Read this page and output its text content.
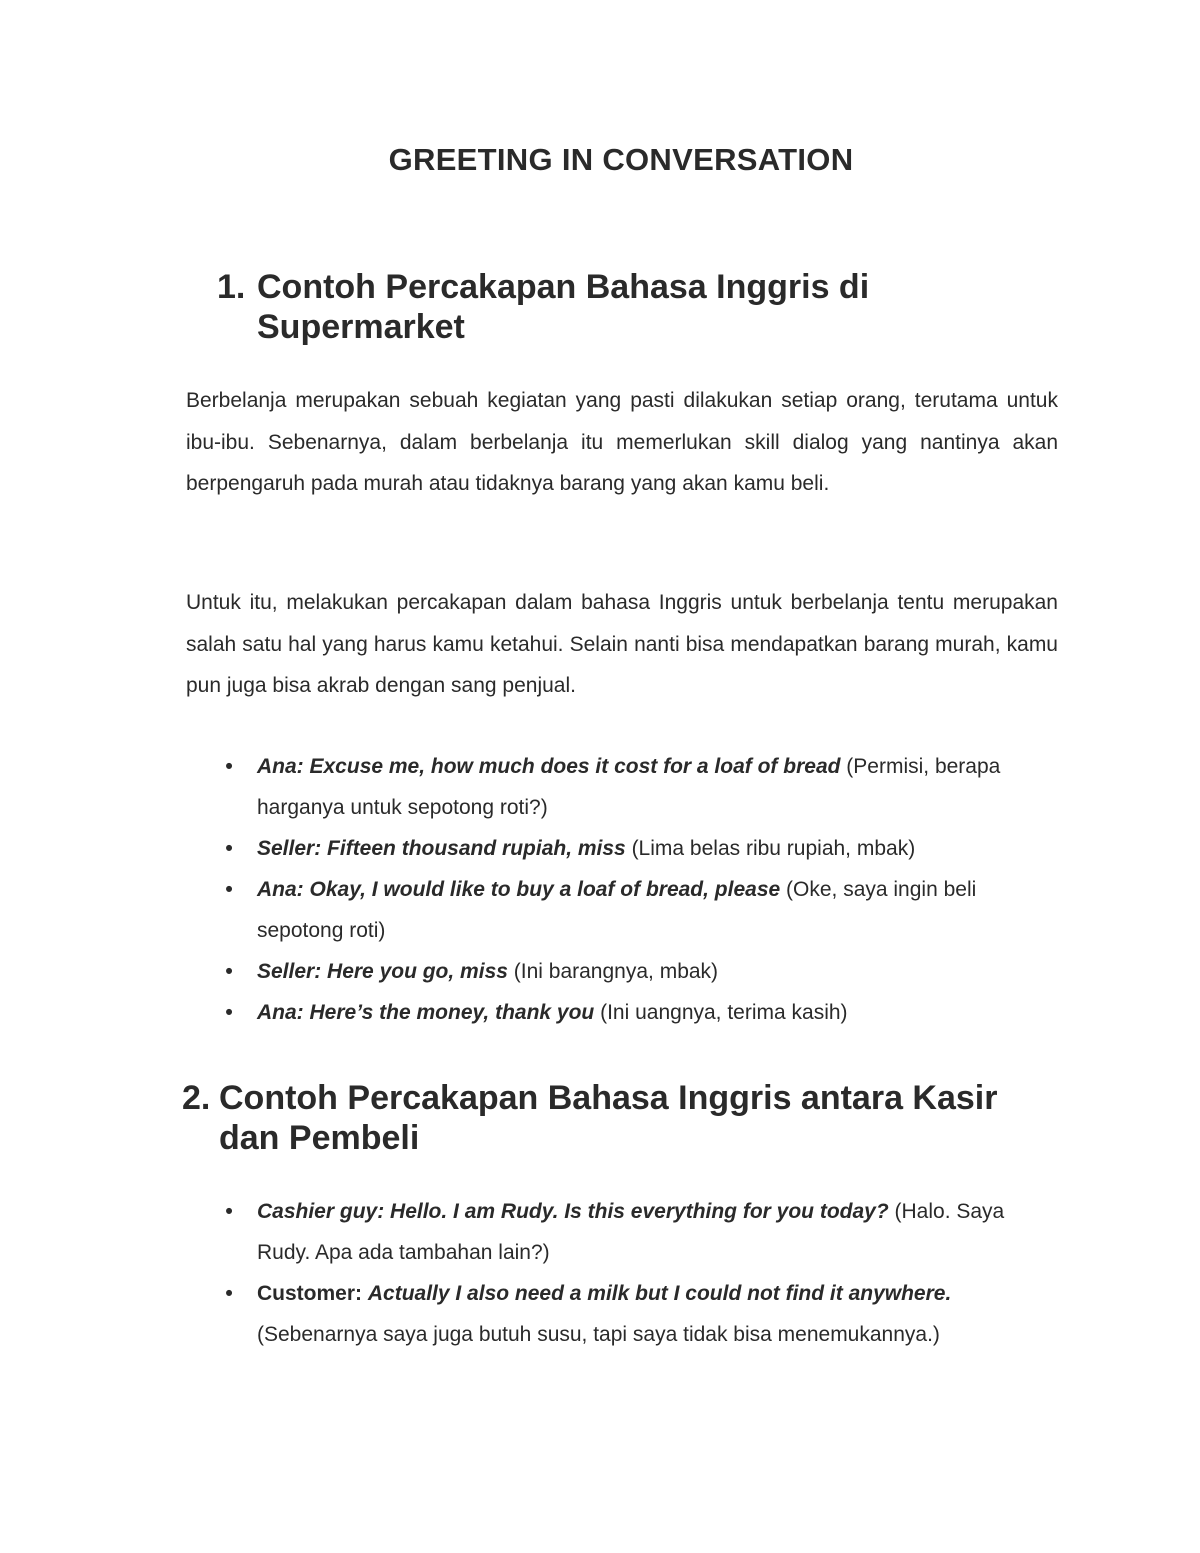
GREETING IN CONVERSATION
1. Contoh Percakapan Bahasa Inggris di
Supermarket

Berbelanja merupakan sebuah kegiatan yang pasti dilakukan setiap orang, terutama untuk ibu-ibu. Sebenarnya, dalam berbelanja itu memerlukan skill dialog yang nantinya akan berpengaruh pada murah atau tidaknya barang yang akan kamu beli.

Untuk itu, melakukan percakapan dalam bahasa Inggris untuk berbelanja tentu merupakan salah satu hal yang harus kamu ketahui. Selain nanti bisa mendapatkan barang murah, kamu pun juga bisa akrab dengan sang penjual.

• Ana: Excuse me, how much does it cost for a loaf of bread (Permisi, berapa harganya untuk sepotong roti?)
• Seller: Fifteen thousand rupiah, miss (Lima belas ribu rupiah, mbak)
• Ana: Okay, I would like to buy a loaf of bread, please (Oke, saya ingin beli sepotong roti)
• Seller: Here you go, miss (Ini barangnya, mbak)
• Ana: Here’s the money, thank you (Ini uangnya, terima kasih)
2. Contoh Percakapan Bahasa Inggris antara Kasir
dan Pembeli
• Cashier guy: Hello. I am Rudy. Is this everything for you today? (Halo. Saya Rudy. Apa ada tambahan lain?)
• Customer: Actually I also need a milk but I could not find it anywhere. (Sebenarnya saya juga butuh susu, tapi saya tidak bisa menemukannya.)
